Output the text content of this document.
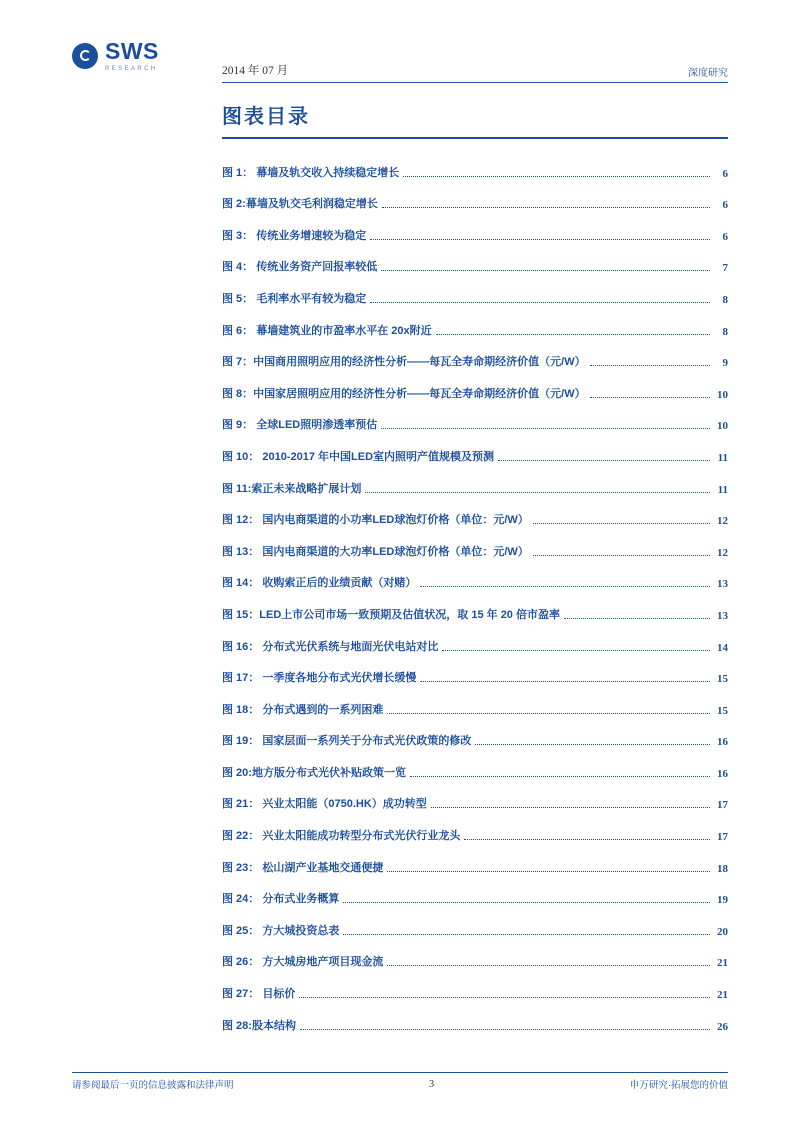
SWS
RESEARCH	2014 年 07 月	深度研究
图表目录
图 1： 幕墙及轨交收入持续稳定增长	6
图 2:幕墙及轨交毛利润稳定增长	6
图 3： 传统业务增速较为稳定	6
图 4： 传统业务资产回报率较低	7
图 5： 毛利率水平有较为稳定	8
图 6： 幕墙建筑业的市盈率水平在 20x附近	8
图 7：中国商用照明应用的经济性分析——每瓦全寿命期经济价值（元/W）	9
图 8：中国家居照明应用的经济性分析——每瓦全寿命期经济价值（元/W）	10
图 9： 全球LED照明渗透率预估	10
图 10： 2010-2017 年中国LED室内照明产值规模及预测	11
图 11:索正未来战略扩展计划	11
图 12： 国内电商渠道的小功率LED球泡灯价格（单位：元/W）	12
图 13： 国内电商渠道的大功率LED球泡灯价格（单位：元/W）	12
图 14： 收购索正后的业绩贡献（对赌）	13
图 15：LED上市公司市场一致预期及估值状况，取 15 年 20 倍市盈率	13
图 16： 分布式光伏系统与地面光伏电站对比	14
图 17： 一季度各地分布式光伏增长缓慢	15
图 18： 分布式遇到的一系列困难	15
图 19： 国家层面一系列关于分布式光伏政策的修改	16
图 20:地方版分布式光伏补贴政策一览	16
图 21： 兴业太阳能（0750.HK）成功转型	17
图 22： 兴业太阳能成功转型分布式光伏行业龙头	17
图 23： 松山湖产业基地交通便捷	18
图 24： 分布式业务概算	19
图 25： 方大城投资总表	20
图 26： 方大城房地产项目现金流	21
图 27： 目标价	21
图 28:股本结构	26
请参阅最后一页的信息披露和法律声明	3	申万研究·拓展您的价值
